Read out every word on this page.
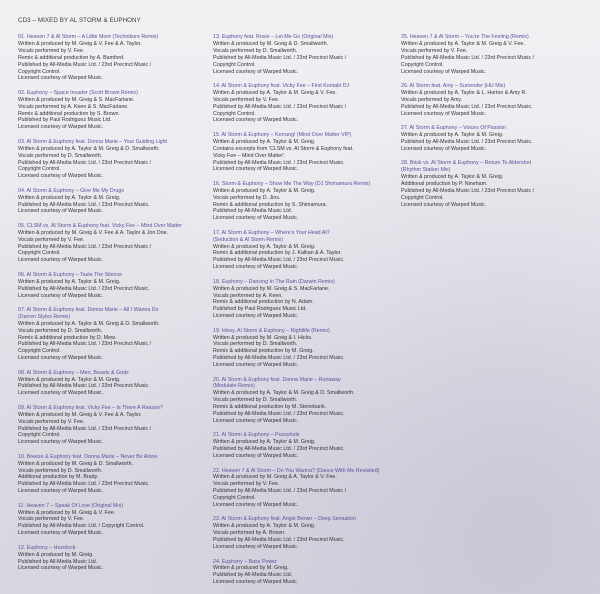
CD3 – MIXED BY AL STORM & EUPHONY
01. Heaven 7 & Al Storm – A Little More (Technikore Remix)
Written & produced by M. Greig & V. Fee & A. Taylor.
Vocals performed by V. Fee.
Remix & additional production by A. Bamford.
Published by All-Media Music Ltd. / 23rd Precinct Music /
Copyright Control.
Licensed courtesy of Warped Music.
02. Euphony – Space Invader (Scott Brown Remix)
Written & produced by M. Greig & S. MacFarlane.
Vocals performed by A. Keen & S. MacFarlane.
Remix & additional production by S. Brown.
Published by Paul Rodriguez Music Ltd.
Licensed courtesy of Warped Music.
03. Al Storm & Euphony feat. Donna Marie – Your Guiding Light
Written & produced by A. Taylor & M. Greig & D. Smallworth.
Vocals performed by D. Smallworth.
Published by All-Media Music Ltd. / 23rd Precinct Music /
Copyright Control.
Licensed courtesy of Warped Music.
04. Al Storm & Euphony – Give Me My Drugs
Written & produced by A. Taylor & M. Greig.
Published by All-Media Music Ltd. / 23rd Precinct Music.
Licensed courtesy of Warped Music.
05. CLSM vs. Al Storm & Euphony feat. Vicky Fee – Mind Over Matter
Written & produced by M. Greig & V. Fee & A. Taylor & Jon Doe.
Vocals performed by V. Fee.
Published by All-Media Music Ltd. / 23rd Precinct Music /
Copyright Control.
Licensed courtesy of Warped Music.
06. Al Storm & Euphony – Taste The Silence
Written & produced by A. Taylor & M. Greig.
Published by All-Media Music Ltd. / 23rd Precinct Music.
Licensed courtesy of Warped Music.
07. Al Storm & Euphony feat. Donna Marie – All I Wanna Do
(Darren Styles Remix)
Written & produced by A. Taylor & M. Greig & D. Smallworth.
Vocals performed by D. Smallworth.
Remix & additional production by D. Mew.
Published by All-Media Music Ltd. / 23rd Precinct Music /
Copyright Control.
Licensed courtesy of Warped Music.
08. Al Storm & Euphony – Men, Beasts & Gods
Written & produced by A. Taylor & M. Greig.
Published by All-Media Music Ltd. / 23rd Precinct Music.
Licensed courtesy of Warped Music.
09. Al Storm & Euphony feat. Vicky Fee – Is There A Reason?
Written & produced by M. Greig & V. Fee & A. Taylor.
Vocals performed by V. Fee.
Published by All-Media Music Ltd. / 23rd Precinct Music /
Copyright Control.
Licensed courtesy of Warped Music.
10. Breeze & Euphony feat. Donna Marie – Never Be Alone
Written & produced by M. Greig & D. Smallworth.
Vocals performed by D. Smallworth.
Additional production by M. Brady.
Published by All-Media Music Ltd. / 23rd Precinct Music.
Licensed courtesy of Warped Music.
11. Heaven 7 – Speak Of Love (Original Mix)
Written & produced by M. Greig & V. Fee.
Vocals performed by V. Fee.
Published by All-Media Music Ltd. / Copyright Control.
Licensed courtesy of Warped Music.
12. Euphony – Hozelock
Written & produced by M. Greig.
Published by All-Media Music Ltd.
Licensed courtesy of Warped Music.
13. Euphony feat. Roxie – Let Me Go (Original Mix)
Written & produced by M. Greig & D. Smallworth.
Vocals performed by D. Smallworth.
Published by All-Media Music Ltd. / 23rd Precinct Music /
Copyright Control.
Licensed courtesy of Warped Music.
14. Al Storm & Euphony feat. Vicky Fee – First Kontakt DJ
Written & produced by A. Taylor & M. Greig & V. Fee.
Vocals performed by V. Fee.
Published by All-Media Music Ltd. / 23rd Precinct Music /
Copyright Control.
Licensed courtesy of Warped Music.
15. Al Storm & Euphony – Kerrang! (Mind Over Matter VIP)
Written & produced by A. Taylor & M. Greig.
Contains excerpts from 'CLSM vs. Al Storm & Euphony feat.
Vicky Fee – Mind Over Matter'.
Published by All-Media Music Ltd. / 23rd Precinct Music.
Licensed courtesy of Warped Music.
16. Storm & Euphony – Show Me The Way (DJ Shimamura Remix)
Written & produced by A. Taylor & M. Greig.
Vocals performed by D. Jinx.
Remix & additional production by S. Shimamura.
Published by All-Media Music Ltd.
Licensed courtesy of Warped Music.
17. Al Storm & Euphony – Where's Your Head At?
(Seduction & Al Storm Remix)
Written & produced by A. Taylor & M. Greig.
Remix & additional production by J. Kalkan & A. Taylor.
Published by All-Media Music Ltd. / 23rd Precinct Music.
Licensed courtesy of Warped Music.
18. Euphony – Dancing In The Rain (Darwin Remix)
Written & produced by M. Greig & S. MacFarlane.
Vocals performed by A. Keen.
Remix & additional production by N. Adam.
Published by Paul Rodriguez Music Ltd.
Licensed courtesy of Warped Music.
19. Hixxy, Al Storm & Euphony – Nightlife (Remix)
Written & produced by M. Greig & I. Hicks.
Vocals performed by D. Smallworth.
Remix & additional production by M. Greig.
Published by All-Media Music Ltd. / 23rd Precinct Music.
Licensed courtesy of Warped Music.
20. Al Storm & Euphony feat. Donna Marie – Runaway
(Modulate Remix)
Written & produced by A. Taylor & M. Greig & D. Smallworth.
Vocals performed by D. Smallworth.
Remix & additional production by M. Stonebank.
Published by All-Media Music Ltd. / 23rd Precinct Music.
Licensed courtesy of Warped Music.
21. Al Storm & Euphony – Pussyhole
Written & produced by A. Taylor & M. Greig.
Published by All-Media Music Ltd. / 23rd Precinct Music.
Licensed courtesy of Warped Music.
22. Heaven 7 & Al Storm – Do You Wanna? (Dance With Me Revisited)
Written & produced by M. Greig & A. Taylor & V. Fee.
Vocals performed by V. Fee.
Published by All-Media Music Ltd. / 23rd Precinct Music /
Copyright Control.
Licensed courtesy of Warped Music.
23. Al Storm & Euphony feat. Angie Brown – Deep Sensation
Written & produced by A. Taylor & M. Greig.
Vocals performed by A. Brown.
Published by All-Media Music Ltd. / 23rd Precinct Music.
Licensed courtesy of Warped Music.
24. Euphony – Bass Power
Written & produced by M. Greig.
Published by All-Media Music Ltd.
Licensed courtesy of Warped Music.
25. Heaven 7 & Al Storm – You're The Feeling (Remix)
Written & produced by A. Taylor & M. Greig & V. Fee.
Vocals performed by V. Fee.
Published by All-Media Music Ltd. / 23rd Precinct Music /
Copyright Control.
Licensed courtesy of Warped Music.
26. Al Storm feat. Amy – Surrender (HU Mix)
Written & produced by A. Taylor & L. Horton & Amy R.
Vocals performed by Amy.
Published by All-Media Music Ltd. / 23rd Precinct Music.
Licensed courtesy of Warped Music.
27. Al Storm & Euphony – Voices Of Passion
Written & produced by A. Taylor & M. Greig.
Published by All-Media Music Ltd. / 23rd Precinct Music.
Licensed courtesy of Warped Music.
28. Brisk vs. Al Storm & Euphony – Return To Aldershot
(Rhythm Station Mix)
Written & produced by A. Taylor & M. Greig.
Additional production by P. Nineham.
Published by All-Media Music Ltd. / 23rd Precinct Music /
Copyright Control.
Licensed courtesy of Warped Music.
